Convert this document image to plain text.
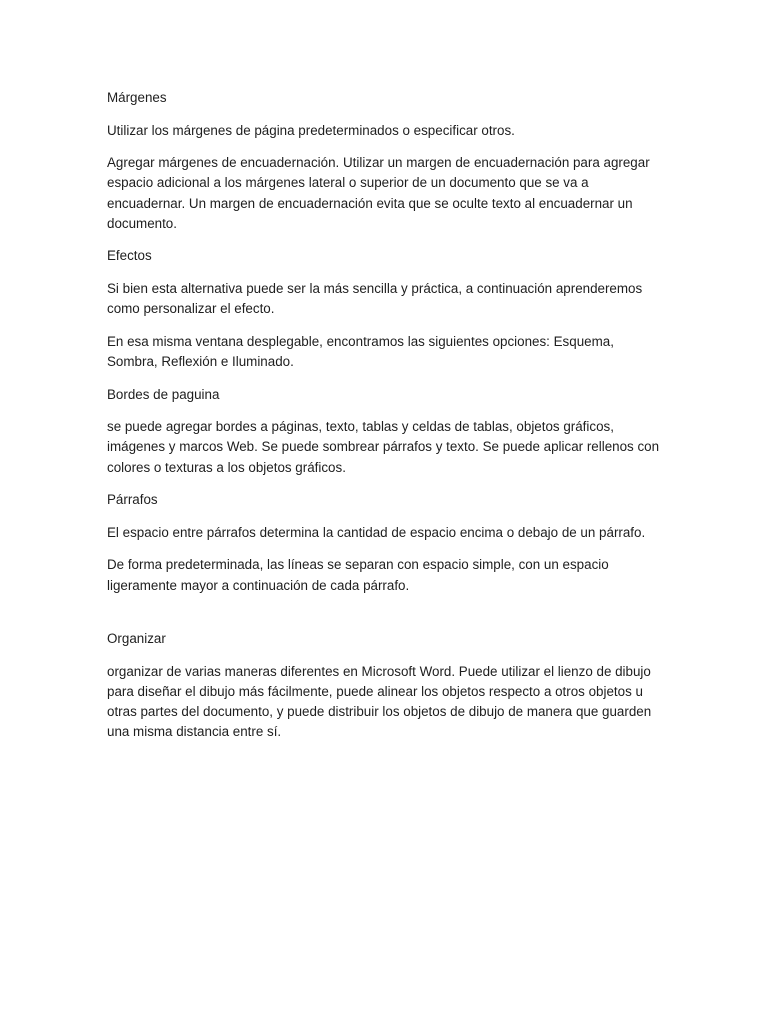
Márgenes

Utilizar los márgenes de página predeterminados o especificar otros.

Agregar márgenes de encuadernación. Utilizar un margen de encuadernación para agregar espacio adicional a los márgenes lateral o superior de un documento que se va a encuadernar. Un margen de encuadernación evita que se oculte texto al encuadernar un documento.

Efectos

Si bien esta alternativa puede ser la más sencilla y práctica, a continuación aprenderemos como personalizar el efecto.

En esa misma ventana desplegable, encontramos las siguientes opciones: Esquema, Sombra, Reflexión e Iluminado.

Bordes de paguina

se puede agregar bordes a páginas, texto, tablas y celdas de tablas, objetos gráficos, imágenes y marcos Web. Se puede sombrear párrafos y texto. Se puede aplicar rellenos con colores o texturas a los objetos gráficos.

Párrafos

El espacio entre párrafos determina la cantidad de espacio encima o debajo de un párrafo.

De forma predeterminada, las líneas se separan con espacio simple, con un espacio ligeramente mayor a continuación de cada párrafo.

Organizar

organizar de varias maneras diferentes en Microsoft Word. Puede utilizar el lienzo de dibujo para diseñar el dibujo más fácilmente, puede alinear los objetos respecto a otros objetos u otras partes del documento, y puede distribuir los objetos de dibujo de manera que guarden una misma distancia entre sí.
